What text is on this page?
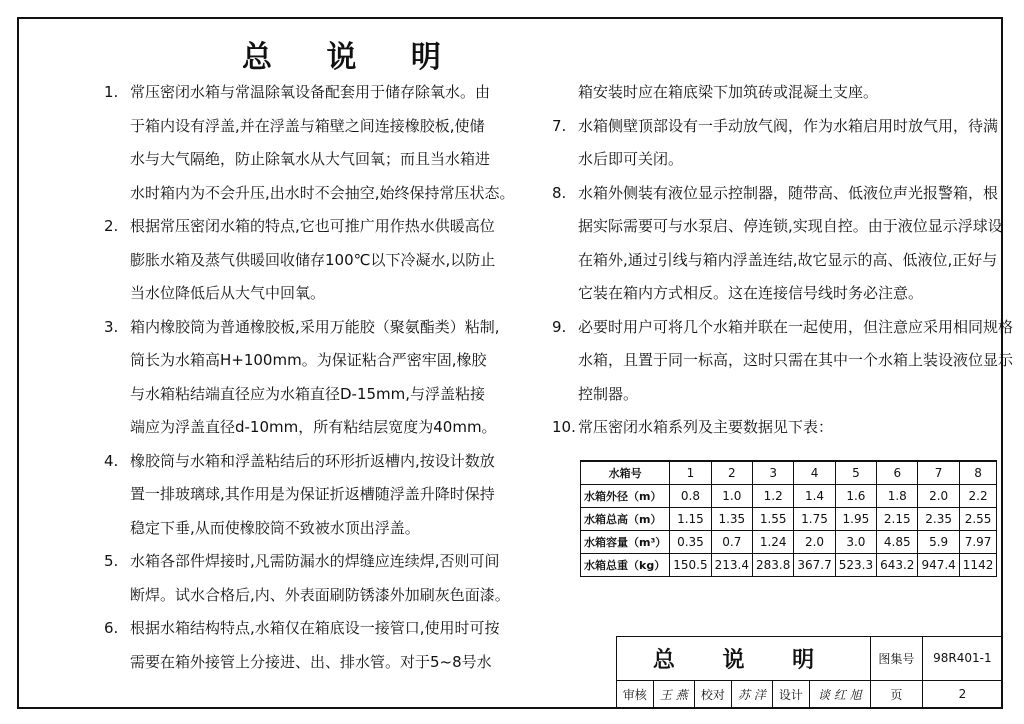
总 说 明
1. 常压密闭水箱与常温除氧设备配套用于储存除氧水。由
于箱内设有浮盖,并在浮盖与箱壁之间连接橡胶板,使储
水与大气隔绝，防止除氧水从大气回氧；而且当水箱进
水时箱内为不会升压,出水时不会抽空,始终保持常压状态。
2. 根据常压密闭水箱的特点,它也可推广用作热水供暖高位
膨胀水箱及蒸气供暖回收储存100℃以下冷凝水,以防止
当水位降低后从大气中回氧。
3. 箱内橡胶筒为普通橡胶板,采用万能胶（聚氨酯类）粘制,
筒长为水箱高H+100mm。为保证粘合严密牢固,橡胶
与水箱粘结端直径应为水箱直径D-15mm,与浮盖粘接
端应为浮盖直径d-10mm，所有粘结层宽度为40mm。
4. 橡胶筒与水箱和浮盖粘结后的环形折返槽内,按设计数放
置一排玻璃球,其作用是为保证折返槽随浮盖升降时保持
稳定下垂,从而使橡胶筒不致被水顶出浮盖。
5. 水箱各部件焊接时,凡需防漏水的焊缝应连续焊,否则可间
断焊。试水合格后,内、外表面刷防锈漆外加刷灰色面漆。
6. 根据水箱结构特点,水箱仅在箱底设一接管口,使用时可按
需要在箱外接管上分接进、出、排水管。对于5~8号水
箱安装时应在箱底梁下加筑砖或混凝土支座。
7. 水箱侧壁顶部设有一手动放气阀，作为水箱启用时放气用，待满
水后即可关闭。
8. 水箱外侧装有液位显示控制器，随带高、低液位声光报警箱，根
据实际需要可与水泵启、停连锁,实现自控。由于液位显示浮球设
在箱外,通过引线与箱内浮盖连结,故它显示的高、低液位,正好与
它装在箱内方式相反。这在连接信号线时务必注意。
9. 必要时用户可将几个水箱并联在一起使用，但注意应采用相同规格
水箱，且置于同一标高，这时只需在其中一个水箱上装设液位显示
控制器。
10. 常压密闭水箱系列及主要数据见下表：
水箱号	1	2	3	4	5	6	7	8
水箱外径（m）	0.8	1.0	1.2	1.4	1.6	1.8	2.0	2.2
水箱总高（m）	1.15	1.35	1.55	1.75	1.95	2.15	2.35	2.55
水箱容量（m³）	0.35	0.7	1.24	2.0	3.0	4.85	5.9	7.97
水箱总重（kg）	150.5	213.4	283.8	367.7	523.3	643.2	947.4	1142
总 说 明						图集号	98R401-1
审核	王 燕	校对	苏 洋	设计	谈 红 旭	页	2
